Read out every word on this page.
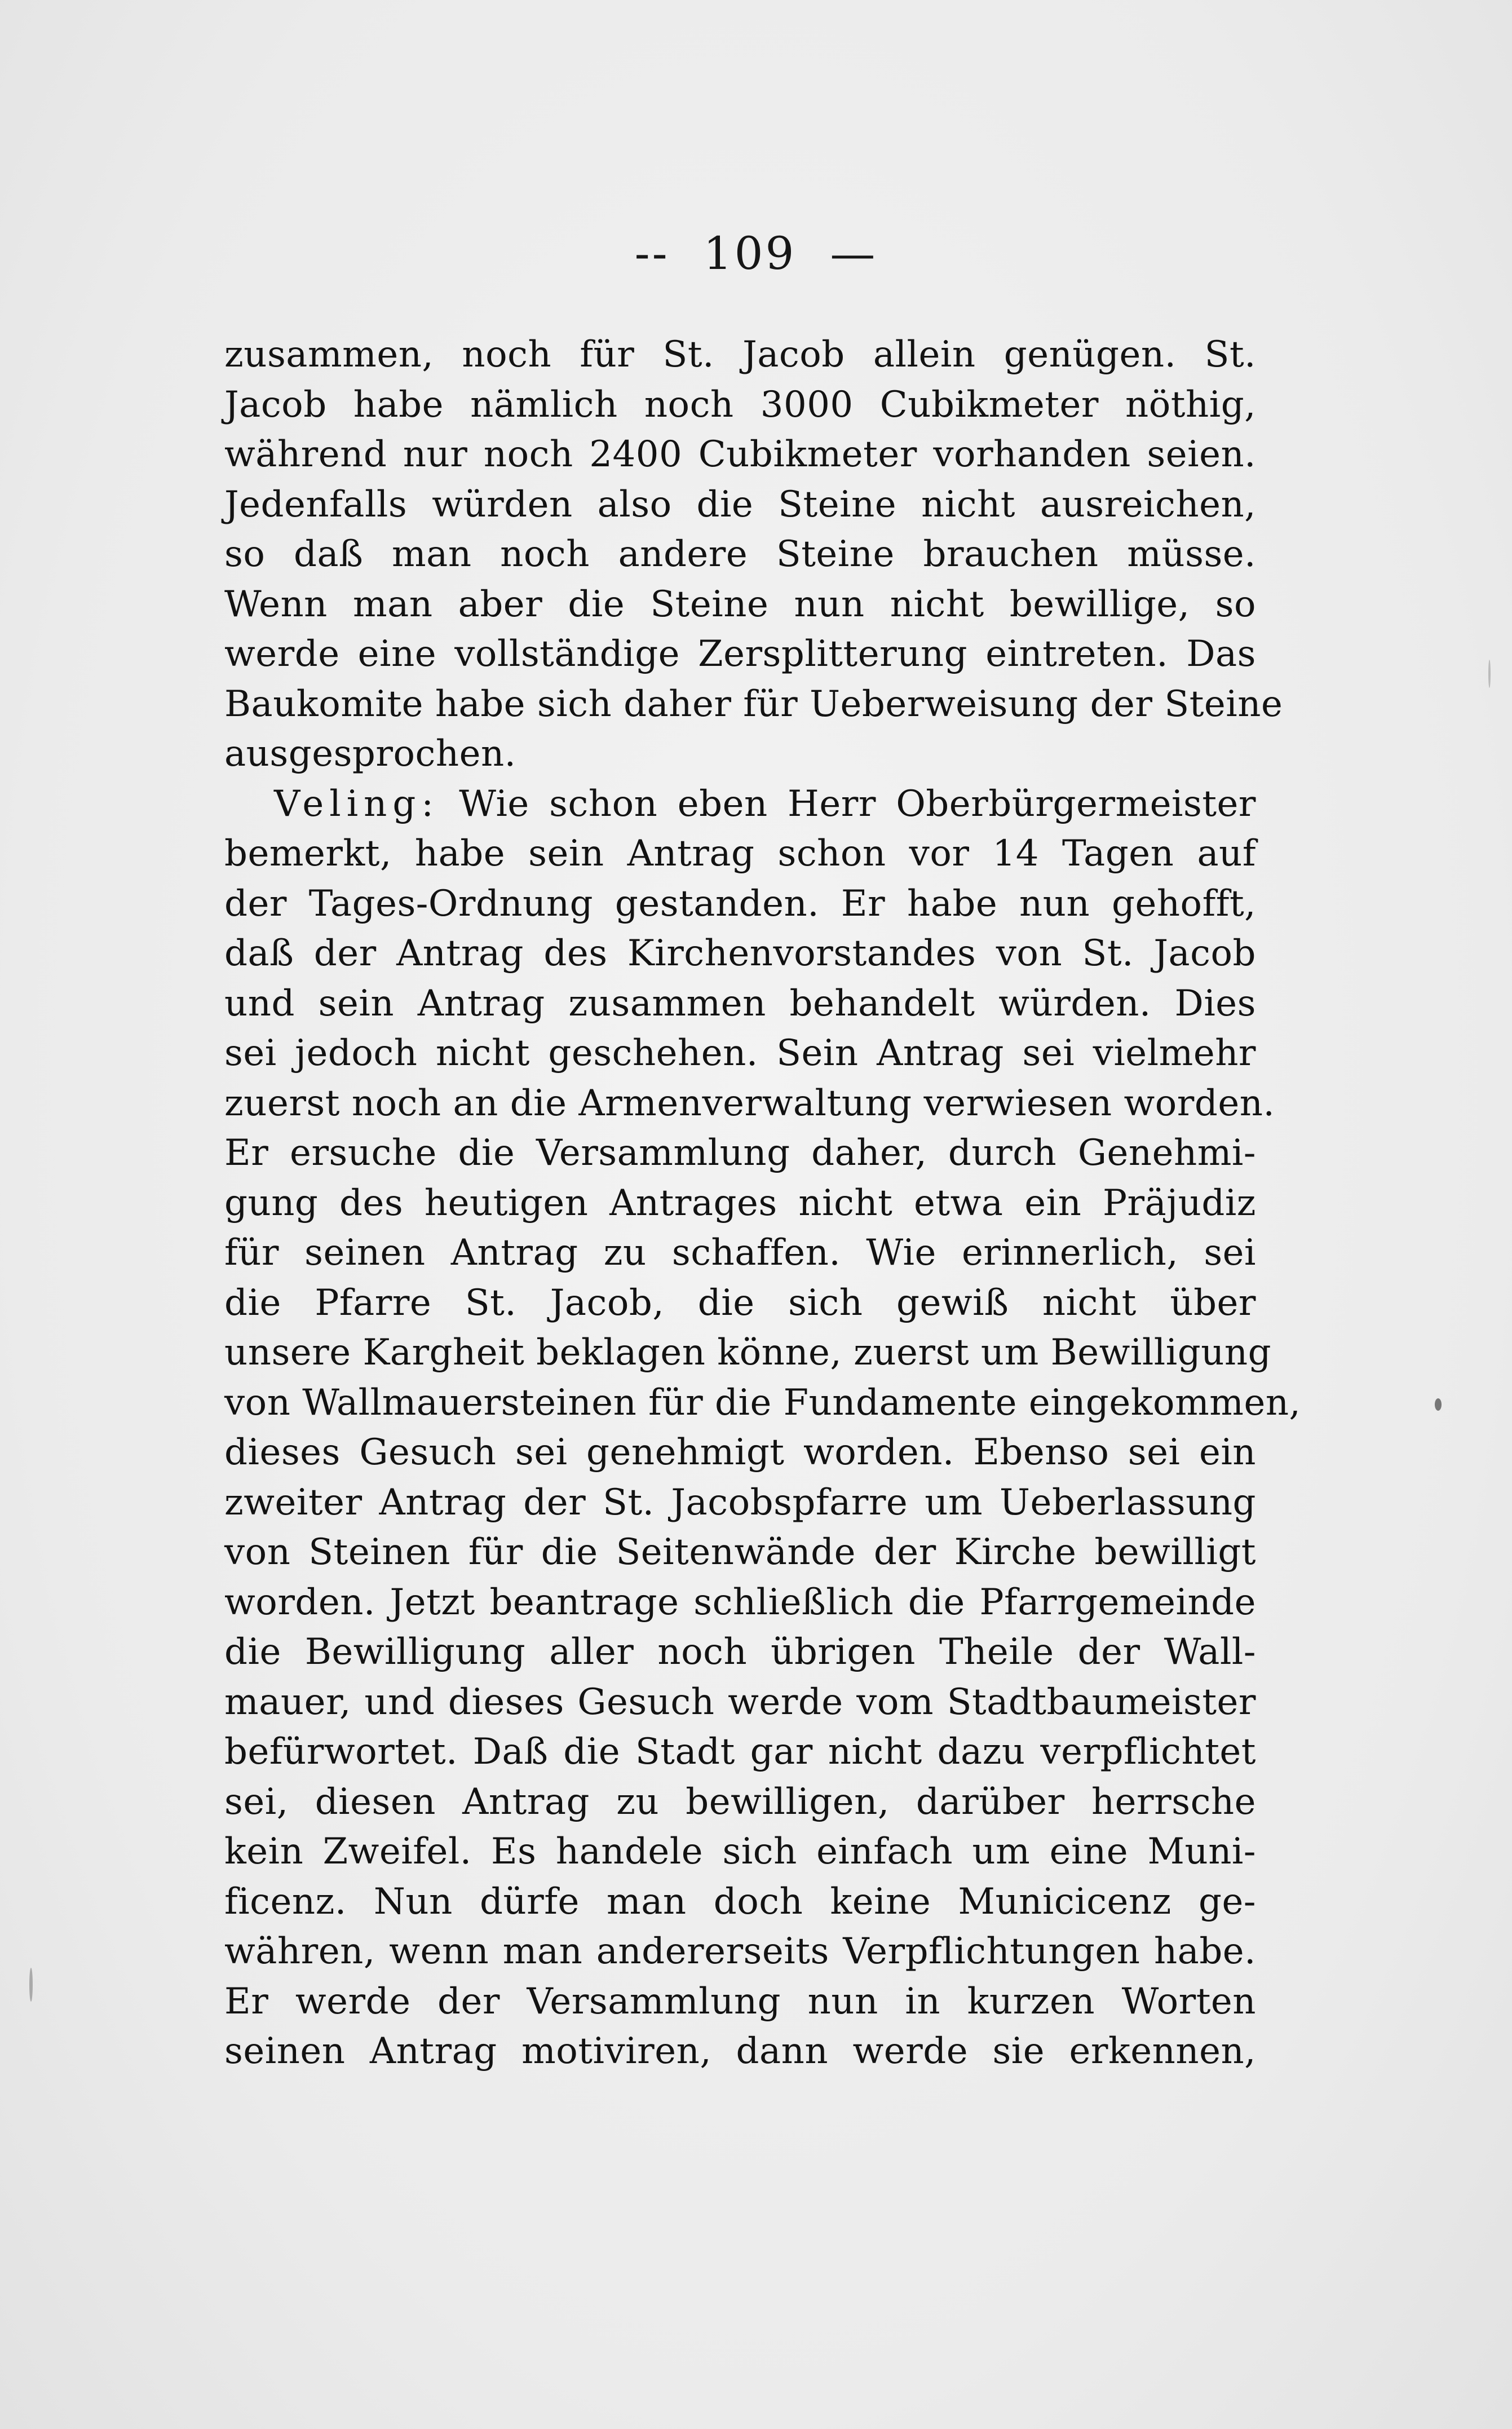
-- 109 —
zusammen, noch für St. Jacob allein genügen. St.
Jacob habe nämlich noch 3000 Cubikmeter nöthig,
während nur noch 2400 Cubikmeter vorhanden seien.
Jedenfalls würden also die Steine nicht ausreichen,
so daß man noch andere Steine brauchen müsse.
Wenn man aber die Steine nun nicht bewillige, so
werde eine vollständige Zersplitterung eintreten. Das
Baukomite habe sich daher für Ueberweisung der Steine
ausgesprochen.
Veling: Wie schon eben Herr Oberbürgermeister
bemerkt, habe sein Antrag schon vor 14 Tagen auf
der Tages-Ordnung gestanden. Er habe nun gehofft,
daß der Antrag des Kirchenvorstandes von St. Jacob
und sein Antrag zusammen behandelt würden. Dies
sei jedoch nicht geschehen. Sein Antrag sei vielmehr
zuerst noch an die Armenverwaltung verwiesen worden.
Er ersuche die Versammlung daher, durch Genehmi-
gung des heutigen Antrages nicht etwa ein Präjudiz
für seinen Antrag zu schaffen. Wie erinnerlich, sei
die Pfarre St. Jacob, die sich gewiß nicht über
unsere Kargheit beklagen könne, zuerst um Bewilligung
von Wallmauersteinen für die Fundamente eingekommen,
dieses Gesuch sei genehmigt worden. Ebenso sei ein
zweiter Antrag der St. Jacobspfarre um Ueberlassung
von Steinen für die Seitenwände der Kirche bewilligt
worden. Jetzt beantrage schließlich die Pfarrgemeinde
die Bewilligung aller noch übrigen Theile der Wall-
mauer, und dieses Gesuch werde vom Stadtbaumeister
befürwortet. Daß die Stadt gar nicht dazu verpflichtet
sei, diesen Antrag zu bewilligen, darüber herrsche
kein Zweifel. Es handele sich einfach um eine Muni-
ficenz. Nun dürfe man doch keine Municicenz ge-
währen, wenn man andererseits Verpflichtungen habe.
Er werde der Versammlung nun in kurzen Worten
seinen Antrag motiviren, dann werde sie erkennen,
